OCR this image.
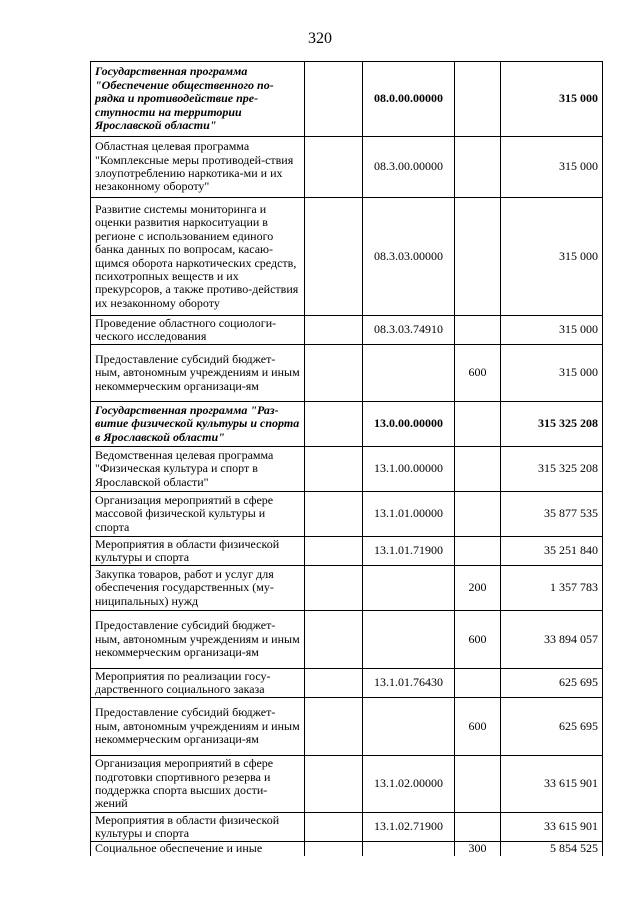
320
Государственная программа "Обеспечение общественного по-рядка и противодействие пре-ступности на территории Ярославской области"		08.0.00.00000		315 000
Областная целевая программа "Комплексные меры противодей-ствия злоупотреблению наркотика-ми и их незаконному обороту"		08.3.00.00000		315 000
Развитие системы мониторинга и оценки развития наркоситуации в регионе с использованием единого банка данных по вопросам, касаю-щимся оборота наркотических средств, психотропных веществ и их прекурсоров, а также противо-действия их незаконному обороту		08.3.03.00000		315 000
Проведение областного социологи-ческого исследования		08.3.03.74910		315 000
Предоставление субсидий бюджет-ным, автономным учреждениям и иным некоммерческим организаци-ям			600	315 000
Государственная программа "Раз-витие физической культуры и спорта в Ярославской области"		13.0.00.00000		315 325 208
Ведомственная целевая программа "Физическая культура и спорт в Ярославской области"		13.1.00.00000		315 325 208
Организация мероприятий в сфере массовой физической культуры и спорта		13.1.01.00000		35 877 535
Мероприятия в области физической культуры и спорта		13.1.01.71900		35 251 840
Закупка товаров, работ и услуг для обеспечения государственных (му-ниципальных) нужд			200	1 357 783
Предоставление субсидий бюджет-ным, автономным учреждениям и иным некоммерческим организаци-ям			600	33 894 057
Мероприятия по реализации госу-дарственного социального заказа		13.1.01.76430		625 695
Предоставление субсидий бюджет-ным, автономным учреждениям и иным некоммерческим организаци-ям			600	625 695
Организация мероприятий в сфере подготовки спортивного резерва и поддержка спорта высших дости-жений		13.1.02.00000		33 615 901
Мероприятия в области физической культуры и спорта		13.1.02.71900		33 615 901
Социальное обеспечение и иные			300	5 854 525
